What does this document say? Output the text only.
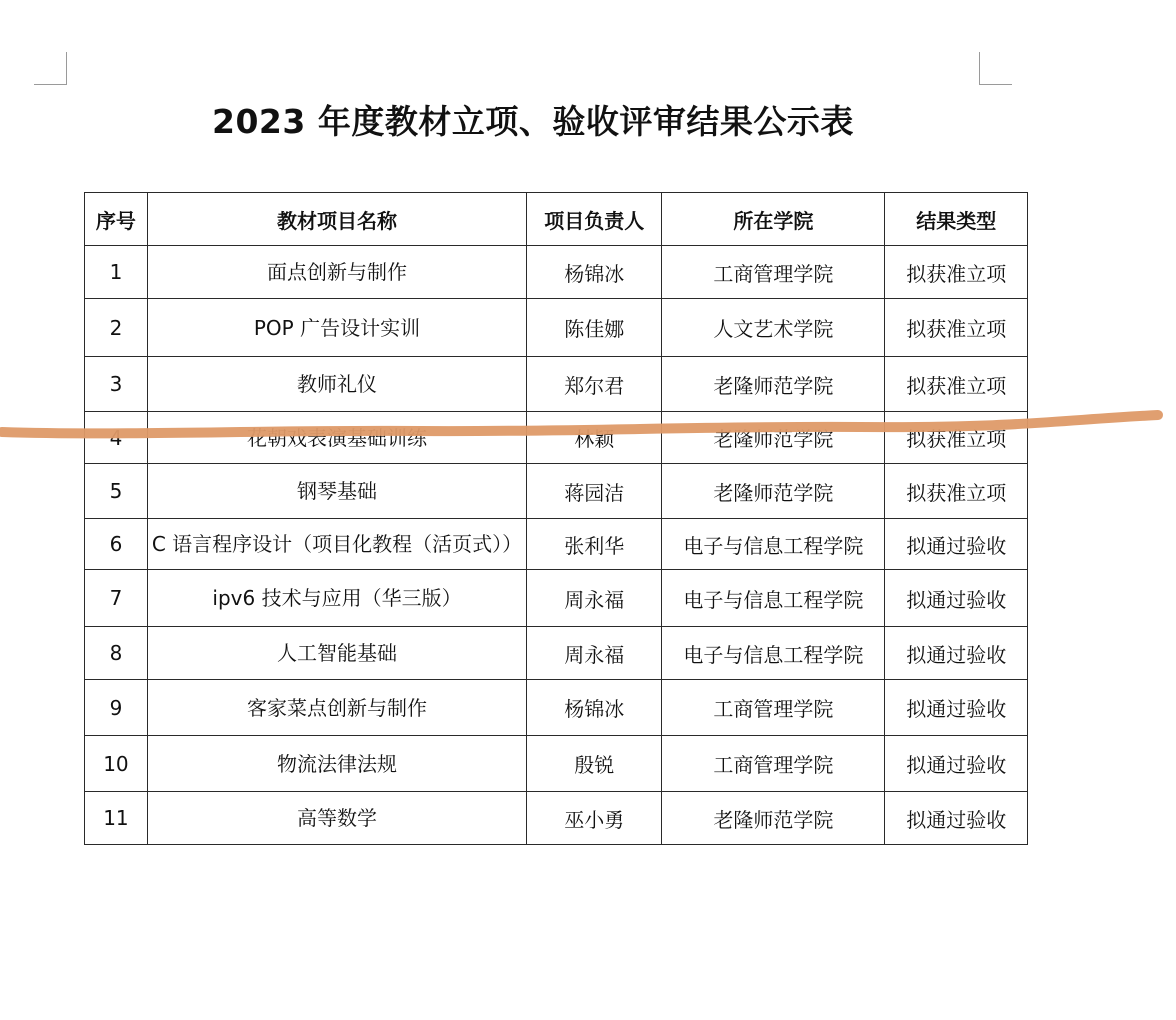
2023 年度教材立项、验收评审结果公示表
序号	教材项目名称	项目负责人	所在学院	结果类型
1	面点创新与制作	杨锦冰	工商管理学院	拟获准立项
2	POP 广告设计实训	陈佳娜	人文艺术学院	拟获准立项
3	教师礼仪	郑尔君	老隆师范学院	拟获准立项
4	花朝戏表演基础训练	林颖	老隆师范学院	拟获准立项
5	钢琴基础	蒋园洁	老隆师范学院	拟获准立项
6	C 语言程序设计（项目化教程（活页式））	张利华	电子与信息工程学院	拟通过验收
7	ipv6 技术与应用（华三版）	周永福	电子与信息工程学院	拟通过验收
8	人工智能基础	周永福	电子与信息工程学院	拟通过验收
9	客家菜点创新与制作	杨锦冰	工商管理学院	拟通过验收
10	物流法律法规	殷锐	工商管理学院	拟通过验收
11	高等数学	巫小勇	老隆师范学院	拟通过验收
